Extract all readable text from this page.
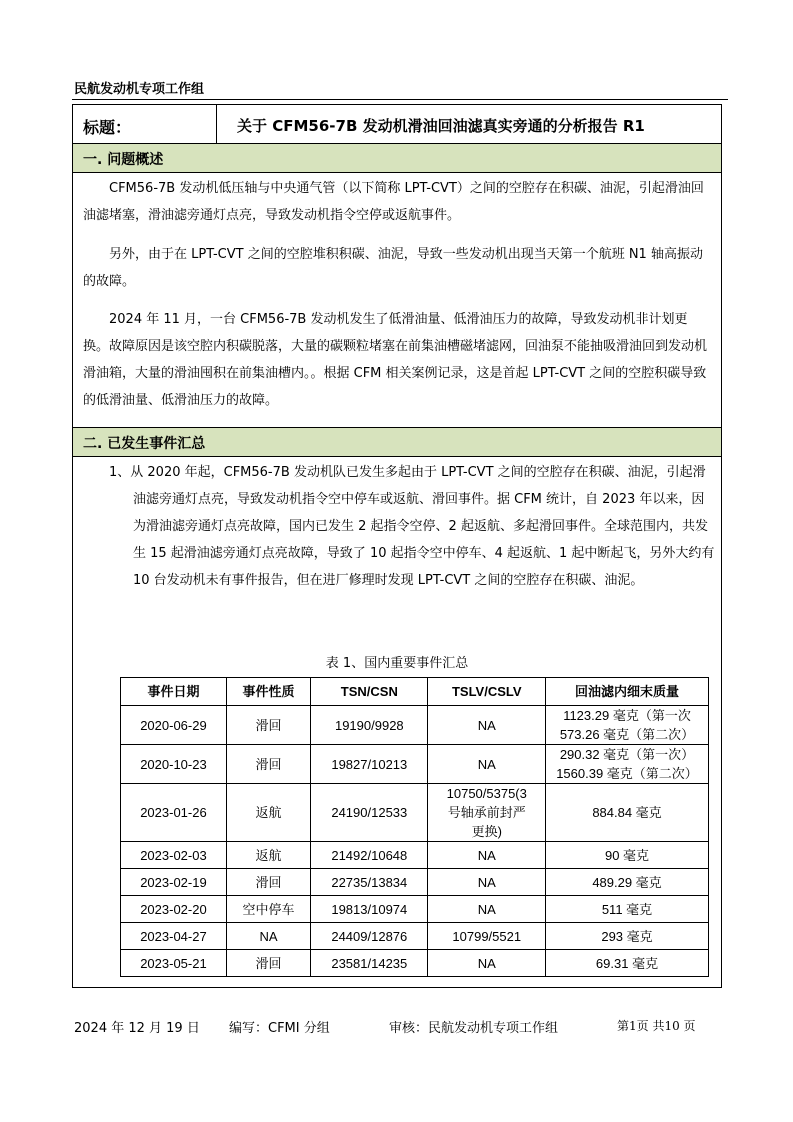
民航发动机专项工作组
标题：	关于 CFM56-7B 发动机滑油回油滤真实旁通的分析报告 R1
一. 问题概述

CFM56-7B 发动机低压轴与中央通气管（以下简称 LPT-CVT）之间的空腔存在积碳、油泥，引起滑油回油滤堵塞，滑油滤旁通灯点亮，导致发动机指令空停或返航事件。

另外，由于在 LPT-CVT 之间的空腔堆积积碳、油泥，导致一些发动机出现当天第一个航班 N1 轴高振动的故障。

2024 年 11 月，一台 CFM56-7B 发动机发生了低滑油量、低滑油压力的故障，导致发动机非计划更换。故障原因是该空腔内积碳脱落，大量的碳颗粒堵塞在前集油槽磁堵滤网，回油泵不能抽吸滑油回到发动机滑油箱，大量的滑油囤积在前集油槽内。。根据 CFM 相关案例记录，这是首起 LPT-CVT 之间的空腔积碳导致的低滑油量、低滑油压力的故障。

二. 已发生事件汇总

1、从 2020 年起，CFM56-7B 发动机队已发生多起由于 LPT-CVT 之间的空腔存在积碳、油泥，引起滑油滤旁通灯点亮，导致发动机指令空中停车或返航、滑回事件。据 CFM 统计，自 2023 年以来，因为滑油滤旁通灯点亮故障，国内已发生 2 起指令空停、2 起返航、多起滑回事件。全球范围内，共发生 15 起滑油滤旁通灯点亮故障，导致了 10 起指令空中停车、4 起返航、1 起中断起飞，另外大约有 10 台发动机未有事件报告，但在进厂修理时发现 LPT-CVT 之间的空腔存在积碳、油泥。

表 1、国内重要事件汇总
事件日期	事件性质	TSN/CSN	TSLV/CSLV	回油滤内细末质量
2020-06-29	滑回	19190/9928	NA	1123.29 毫克（第一次
573.26 毫克（第二次）
2020-10-23	滑回	19827/10213	NA	290.32 毫克（第一次）
1560.39 毫克（第二次）
2023-01-26	返航	24190/12533	10750/5375(3
号轴承前封严
更换)	884.84 毫克
2023-02-03	返航	21492/10648	NA	90 毫克
2023-02-19	滑回	22735/13834	NA	489.29 毫克
2023-02-20	空中停车	19813/10974	NA	511 毫克
2023-04-27	NA	24409/12876	10799/5521	293 毫克
2023-05-21	滑回	23581/14235	NA	69.31 毫克
2024 年 12 月 19 日 编写：CFMI 分组	审核：民航发动机专项工作组	第1页 共10 页
